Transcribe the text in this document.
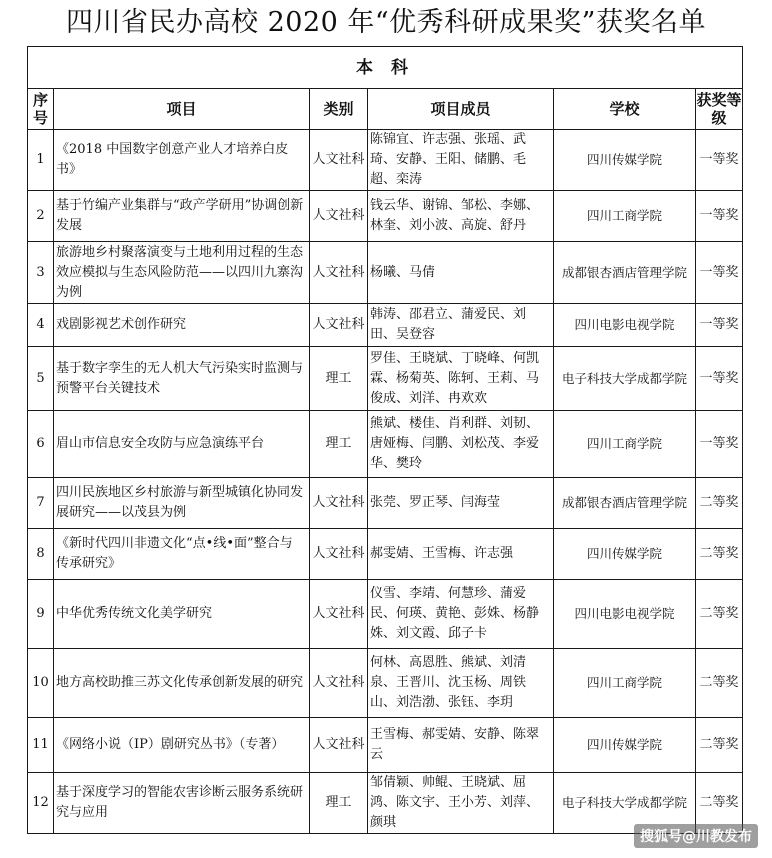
四川省民办高校 2020 年“优秀科研成果奖”获奖名单
本 科					
序号	项目	类别	项目成员	学校	获奖等级
1	《2018 中国数字创意产业人才培养白皮书》	人文社科	陈锦宜、许志强、张瑶、武琦、安静、王阳、储鹏、毛超、栾涛	四川传媒学院	一等奖
2	基于竹编产业集群与“政产学研用”协调创新发展	人文社科	钱云华、谢锦、邹松、李娜、林奎、刘小波、高旋、舒丹	四川工商学院	一等奖
3	旅游地乡村聚落演变与土地利用过程的生态效应模拟与生态风险防范——以四川九寨沟为例	人文社科	杨曦、马倩	成都银杏酒店管理学院	一等奖
4	戏剧影视艺术创作研究	人文社科	韩涛、邵君立、蒲爱民、刘田、吴登容	四川电影电视学院	一等奖
5	基于数字孪生的无人机大气污染实时监测与预警平台关键技术	理工	罗佳、王晓斌、丁晓峰、何凯霖、杨菊英、陈轲、王莉、马俊成、刘洋、冉欢欢	电子科技大学成都学院	一等奖
6	眉山市信息安全攻防与应急演练平台	理工	熊斌、楼佳、肖利群、刘韧、唐娅梅、闫鹏、刘松茂、李爱华、樊玲	四川工商学院	一等奖
7	四川民族地区乡村旅游与新型城镇化协同发展研究——以茂县为例	人文社科	张莞、罗正琴、闫海莹	成都银杏酒店管理学院	二等奖
8	《新时代四川非遗文化“点•线•面”整合与 传承研究》	人文社科	郝雯婧、王雪梅、许志强	四川传媒学院	二等奖
9	中华优秀传统文化美学研究	人文社科	仪雪、李靖、何慧珍、蒲爱民、何瑛、黄艳、彭姝、杨静姝、刘文霞、邱子卡	四川电影电视学院	二等奖
10	地方高校助推三苏文化传承创新发展的研究	人文社科	何林、高恩胜、熊斌、刘清泉、王晋川、沈玉杨、周铁山、刘浩渤、张钰、李玥	四川工商学院	二等奖
11	《网络小说（IP）剧研究丛书》（专著）	人文社科	王雪梅、郝雯婧、安静、陈翠云	四川传媒学院	二等奖
12	基于深度学习的智能农害诊断云服务系统研究与应用	理工	邹倩颖、帅鲲、王晓斌、屈鸿、陈文宇、王小芳、刘萍、颜琪	电子科技大学成都学院	二等奖
搜狐号@川教发布
